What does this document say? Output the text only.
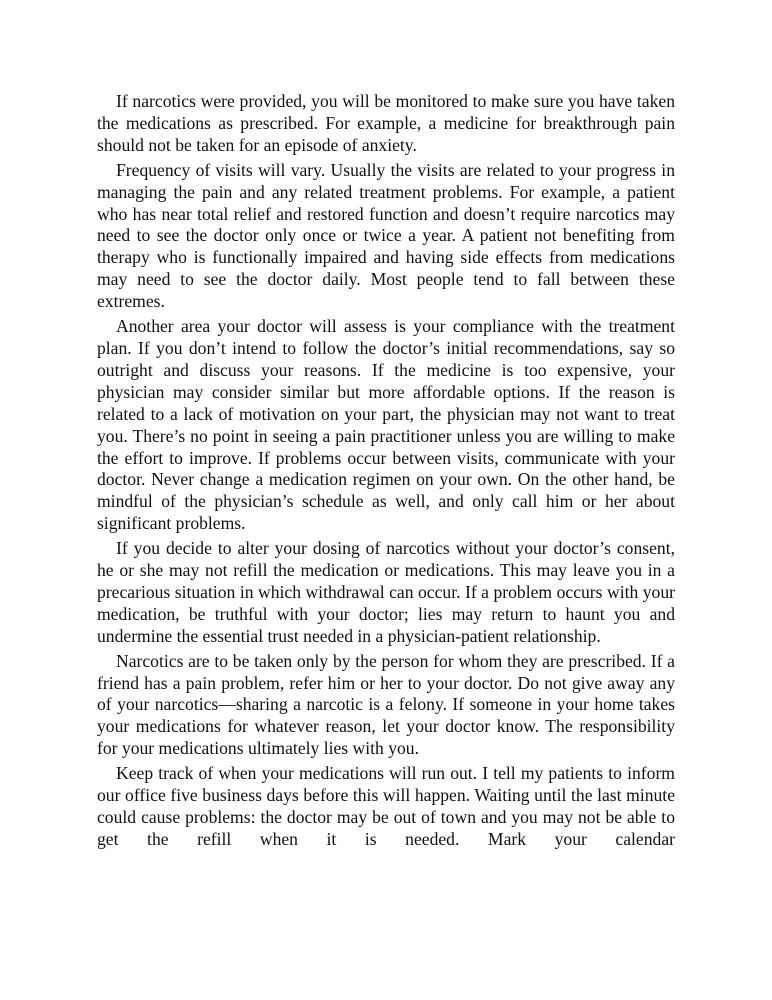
If narcotics were provided, you will be monitored to make sure you have taken the medications as prescribed. For example, a medicine for breakthrough pain should not be taken for an episode of anxiety.

Frequency of visits will vary. Usually the visits are related to your progress in managing the pain and any related treatment problems. For example, a patient who has near total relief and restored function and doesn’t require narcotics may need to see the doctor only once or twice a year. A patient not benefiting from therapy who is functionally impaired and having side effects from medications may need to see the doctor daily. Most people tend to fall between these extremes.

Another area your doctor will assess is your compliance with the treatment plan. If you don’t intend to follow the doctor’s initial recommendations, say so outright and discuss your reasons. If the medicine is too expensive, your physician may consider similar but more affordable options. If the reason is related to a lack of motivation on your part, the physician may not want to treat you. There’s no point in seeing a pain practitioner unless you are willing to make the effort to improve. If problems occur between visits, communicate with your doctor. Never change a medication regimen on your own. On the other hand, be mindful of the physician’s schedule as well, and only call him or her about significant problems.

If you decide to alter your dosing of narcotics without your doctor’s consent, he or she may not refill the medication or medications. This may leave you in a precarious situation in which withdrawal can occur. If a problem occurs with your medication, be truthful with your doctor; lies may return to haunt you and undermine the essential trust needed in a physician-patient relationship.

Narcotics are to be taken only by the person for whom they are prescribed. If a friend has a pain problem, refer him or her to your doctor. Do not give away any of your narcotics—sharing a narcotic is a felony. If someone in your home takes your medications for whatever reason, let your doctor know. The responsibility for your medications ultimately lies with you.

Keep track of when your medications will run out. I tell my patients to inform our office five business days before this will happen. Waiting until the last minute could cause problems: the doctor may be out of town and you may not be able to get the refill when it is needed. Mark your calendar
